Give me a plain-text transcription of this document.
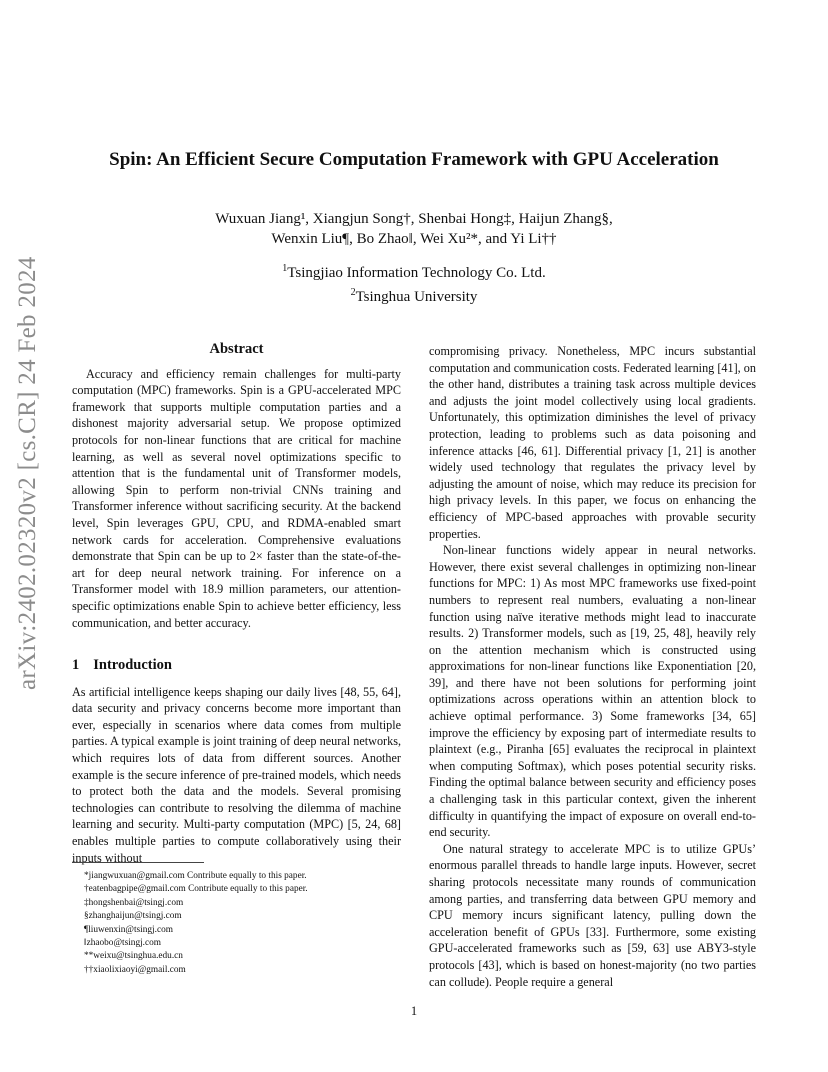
arXiv:2402.02320v2 [cs.CR] 24 Feb 2024
Spin: An Efficient Secure Computation Framework with GPU Acceleration
Wuxuan Jiang¹, Xiangjun Song†, Shenbai Hong‡, Haijun Zhang§,
Wenxin Liu¶, Bo Zhao‖, Wei Xu²*, and Yi Li††
$^1$Tsingjiao Information Technology Co. Ltd.
$^2$Tsinghua University
Abstract

Accuracy and efficiency remain challenges for multi-party computation (MPC) frameworks. Spin is a GPU-accelerated MPC framework that supports multiple computation parties and a dishonest majority adversarial setup. We propose optimized protocols for non-linear functions that are critical for machine learning, as well as several novel optimizations specific to attention that is the fundamental unit of Transformer models, allowing Spin to perform non-trivial CNNs training and Transformer inference without sacrificing security. At the backend level, Spin leverages GPU, CPU, and RDMA-enabled smart network cards for acceleration. Comprehensive evaluations demonstrate that Spin can be up to 2× faster than the state-of-the-art for deep neural network training. For inference on a Transformer model with 18.9 million parameters, our attention-specific optimizations enable Spin to achieve better efficiency, less communication, and better accuracy.

1 Introduction

As artificial intelligence keeps shaping our daily lives [48, 55, 64], data security and privacy concerns become more important than ever, especially in scenarios where data comes from multiple parties. A typical example is joint training of deep neural networks, which requires lots of data from different sources. Another example is the secure inference of pre-trained models, which needs to protect both the data and the models. Several promising technologies can contribute to resolving the dilemma of machine learning and security. Multi-party computation (MPC) [5, 24, 68] enables multiple parties to compute collaboratively using their inputs without

compromising privacy. Nonetheless, MPC incurs substantial computation and communication costs. Federated learning [41], on the other hand, distributes a training task across multiple devices and adjusts the joint model collectively using local gradients. Unfortunately, this optimization diminishes the level of privacy protection, leading to problems such as data poisoning and inference attacks [46, 61]. Differential privacy [1, 21] is another widely used technology that regulates the privacy level by adjusting the amount of noise, which may reduce its precision for high privacy levels. In this paper, we focus on enhancing the efficiency of MPC-based approaches with provable security properties.

Non-linear functions widely appear in neural networks. However, there exist several challenges in optimizing non-linear functions for MPC: 1) As most MPC frameworks use fixed-point numbers to represent real numbers, evaluating a non-linear function using naïve iterative methods might lead to inaccurate results. 2) Transformer models, such as [19, 25, 48], heavily rely on the attention mechanism which is constructed using approximations for non-linear functions like Exponentiation [20, 39], and there have not been solutions for performing joint optimizations across operations within an attention block to achieve optimal performance. 3) Some frameworks [34, 65] improve the efficiency by exposing part of intermediate results to plaintext (e.g., Piranha [65] evaluates the reciprocal in plaintext when computing Softmax), which poses potential security risks. Finding the optimal balance between security and efficiency poses a challenging task in this particular context, given the inherent difficulty in quantifying the impact of exposure on overall end-to-end security.

One natural strategy to accelerate MPC is to utilize GPUs’ enormous parallel threads to handle large inputs. However, secret sharing protocols necessitate many rounds of communication among parties, and transferring data between GPU memory and CPU memory incurs significant latency, pulling down the acceleration benefit of GPUs [33]. Furthermore, some existing GPU-accelerated frameworks such as [59, 63] use ABY3-style protocols [43], which is based on honest-majority (no two parties can collude). People require a general

*jiangwuxuan@gmail.com Contribute equally to this paper.
†eatenbagpipe@gmail.com Contribute equally to this paper.
‡hongshenbai@tsingj.com
§zhanghaijun@tsingj.com
¶liuwenxin@tsingj.com
‖zhaobo@tsingj.com
**weixu@tsinghua.edu.cn
††xiaolixiaoyi@gmail.com
1
